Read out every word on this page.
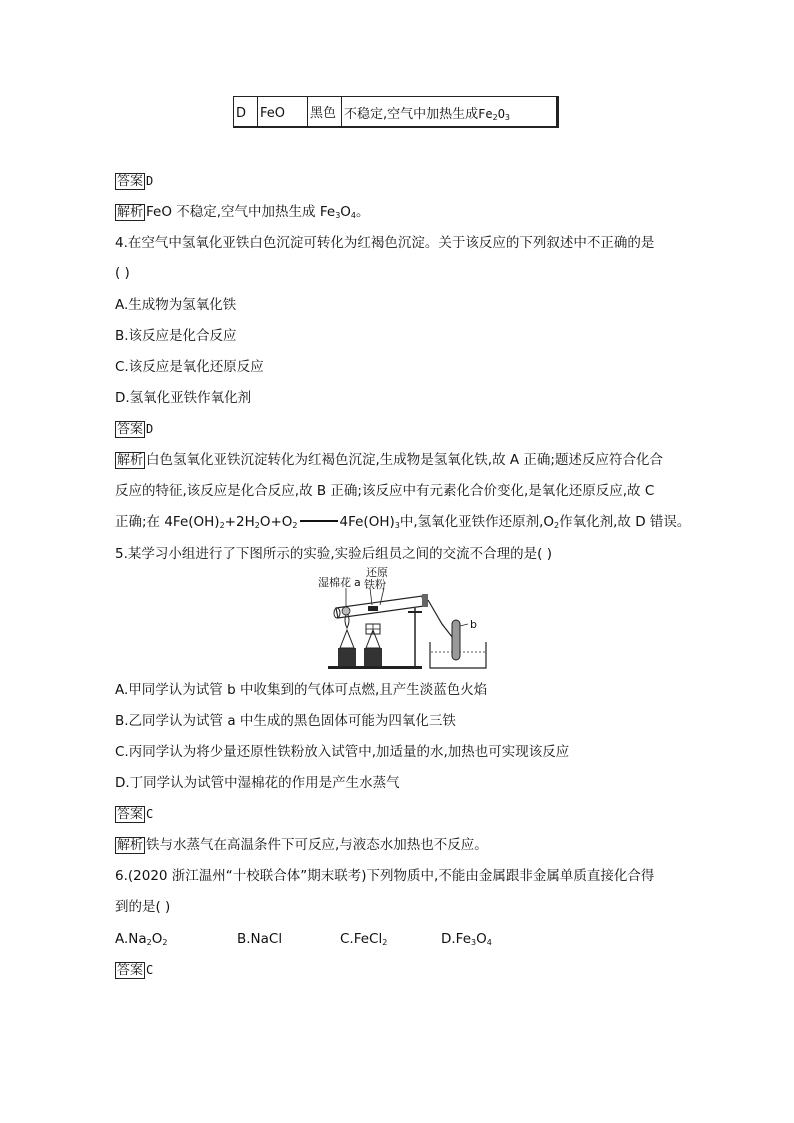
D	FeO	黑色 不稳定,空气中加热生成$Fe_2O_3$
答案 D
解析 FeO 不稳定,空气中加热生成 $Fe_3O_4$。
4.在空气中氢氧化亚铁白色沉淀可转化为红褐色沉淀。关于该反应的下列叙述中不正确的是
( )
A.生成物为氢氧化铁
B.该反应是化合反应
C.该反应是氧化还原反应
D.氢氧化亚铁作氧化剂
答案 D
解析 白色氢氧化亚铁沉淀转化为红褐色沉淀,生成物是氢氧化铁,故 A 正确;题述反应符合化合
反应的特征,该反应是化合反应,故 B 正确;该反应中有元素化合价变化,是氧化还原反应,故 C
正确;在 $4Fe(OH)_2+2H_2O+O_2$	$4Fe(OH)_3$中,氢氧化亚铁作还原剂$,O_2$作氧化剂,故 D 错误。
5.某学习小组进行了下图所示的实验,实验后组员之间的交流不合理的是( )
湿棉花
还原
a 铁粉
b
A.甲同学认为试管 b 中收集到的气体可点燃,且产生淡蓝色火焰
B.乙同学认为试管 a 中生成的黑色固体可能为四氧化三铁
C.丙同学认为将少量还原性铁粉放入试管中,加适量的水,加热也可实现该反应
D.丁同学认为试管中湿棉花的作用是产生水蒸气
答案 C
解析 铁与水蒸气在高温条件下可反应,与液态水加热也不反应。
6.(2020 浙江温州“十校联合体”期末联考)下列物质中,不能由金属跟非金属单质直接化合得
到的是( )
$A.Na_2O_2$	B.NaCl	C.FeCl$_2$	$D.Fe_3O_4$
答案 C
